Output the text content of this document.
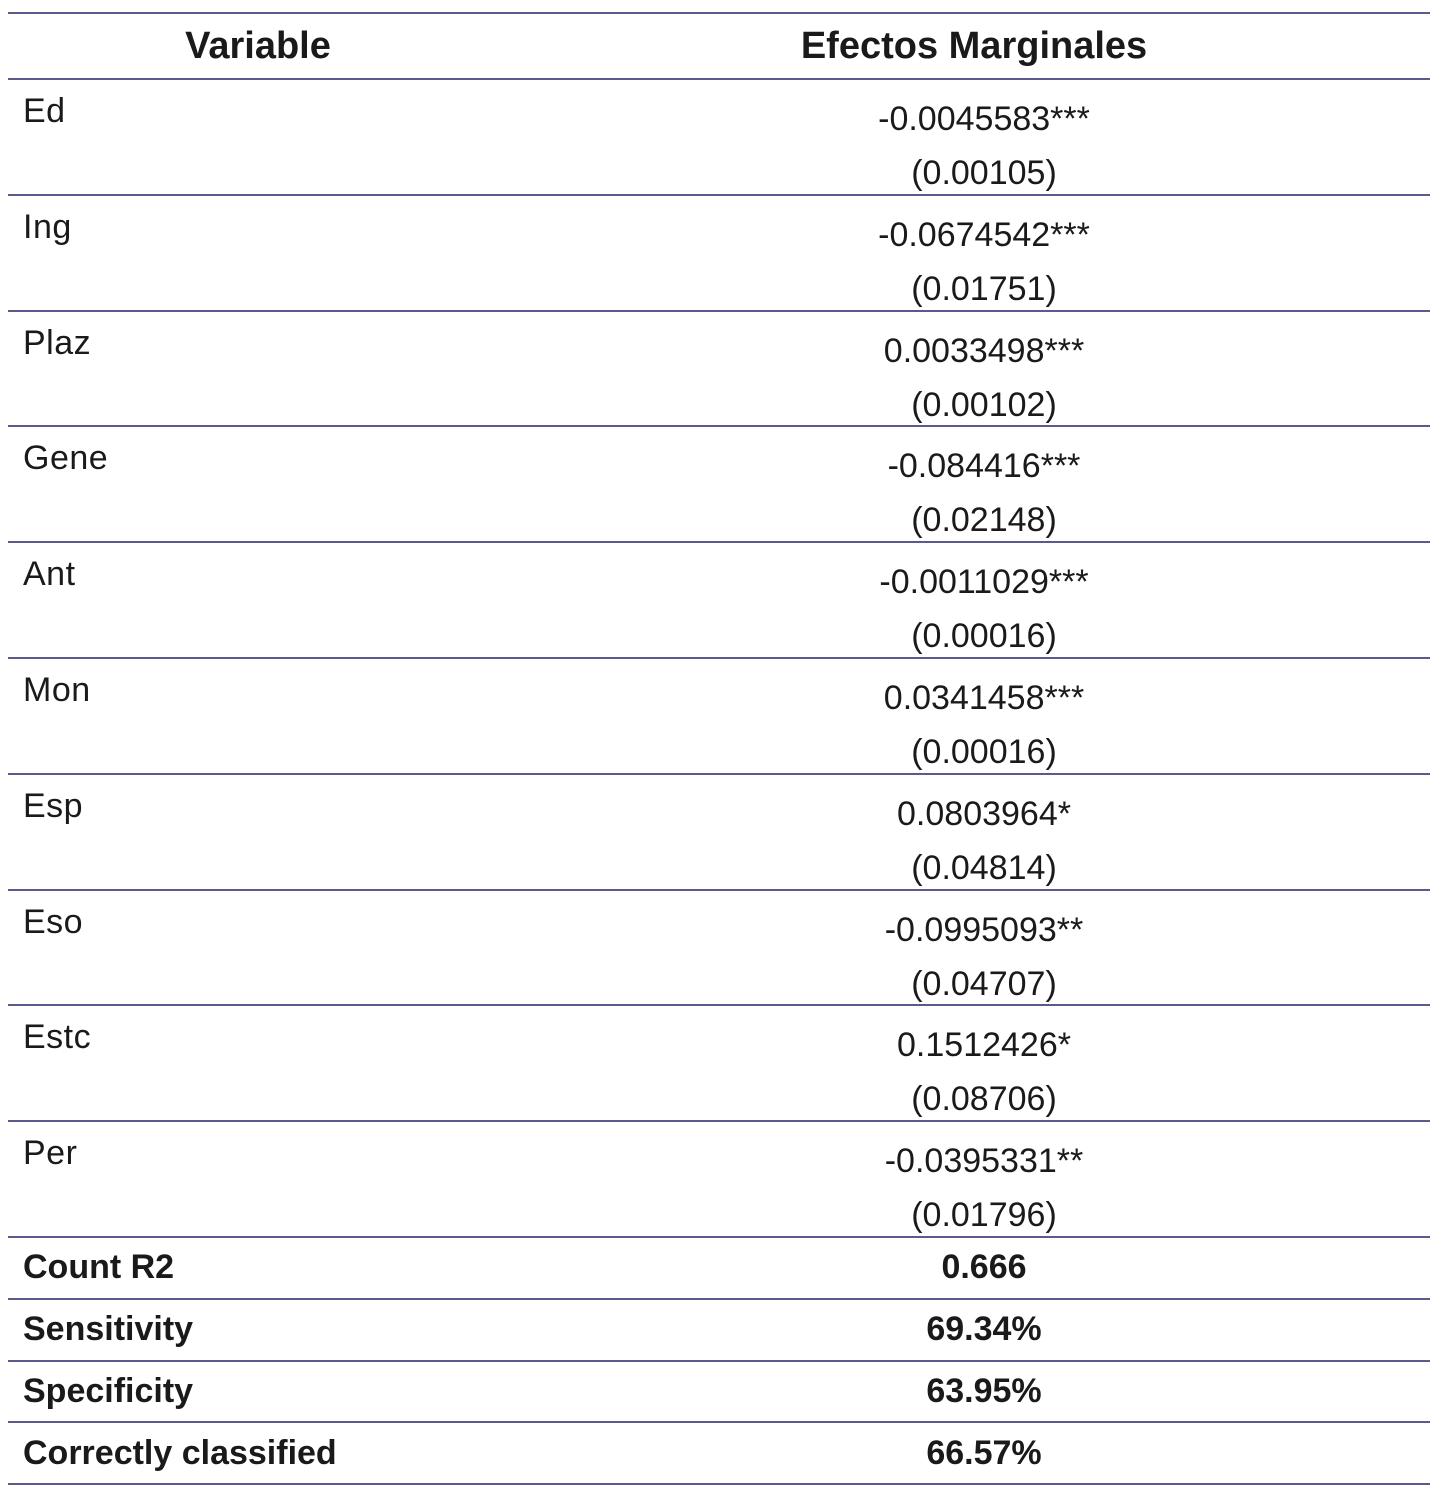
Variable	Efectos Marginales
Ed	-0.0045583***
(0.00105)
Ing	-0.0674542***
(0.01751)
Plaz	0.0033498***
(0.00102)
Gene	-0.084416***
(0.02148)
Ant	-0.0011029***
(0.00016)
Mon	0.0341458***
(0.00016)
Esp	0.0803964*
(0.04814)
Eso	-0.0995093**
(0.04707)
Estc	0.1512426*
(0.08706)
Per	-0.0395331**
(0.01796)
Count R2	0.666
Sensitivity	69.34%
Specificity	63.95%
Correctly classified	66.57%
